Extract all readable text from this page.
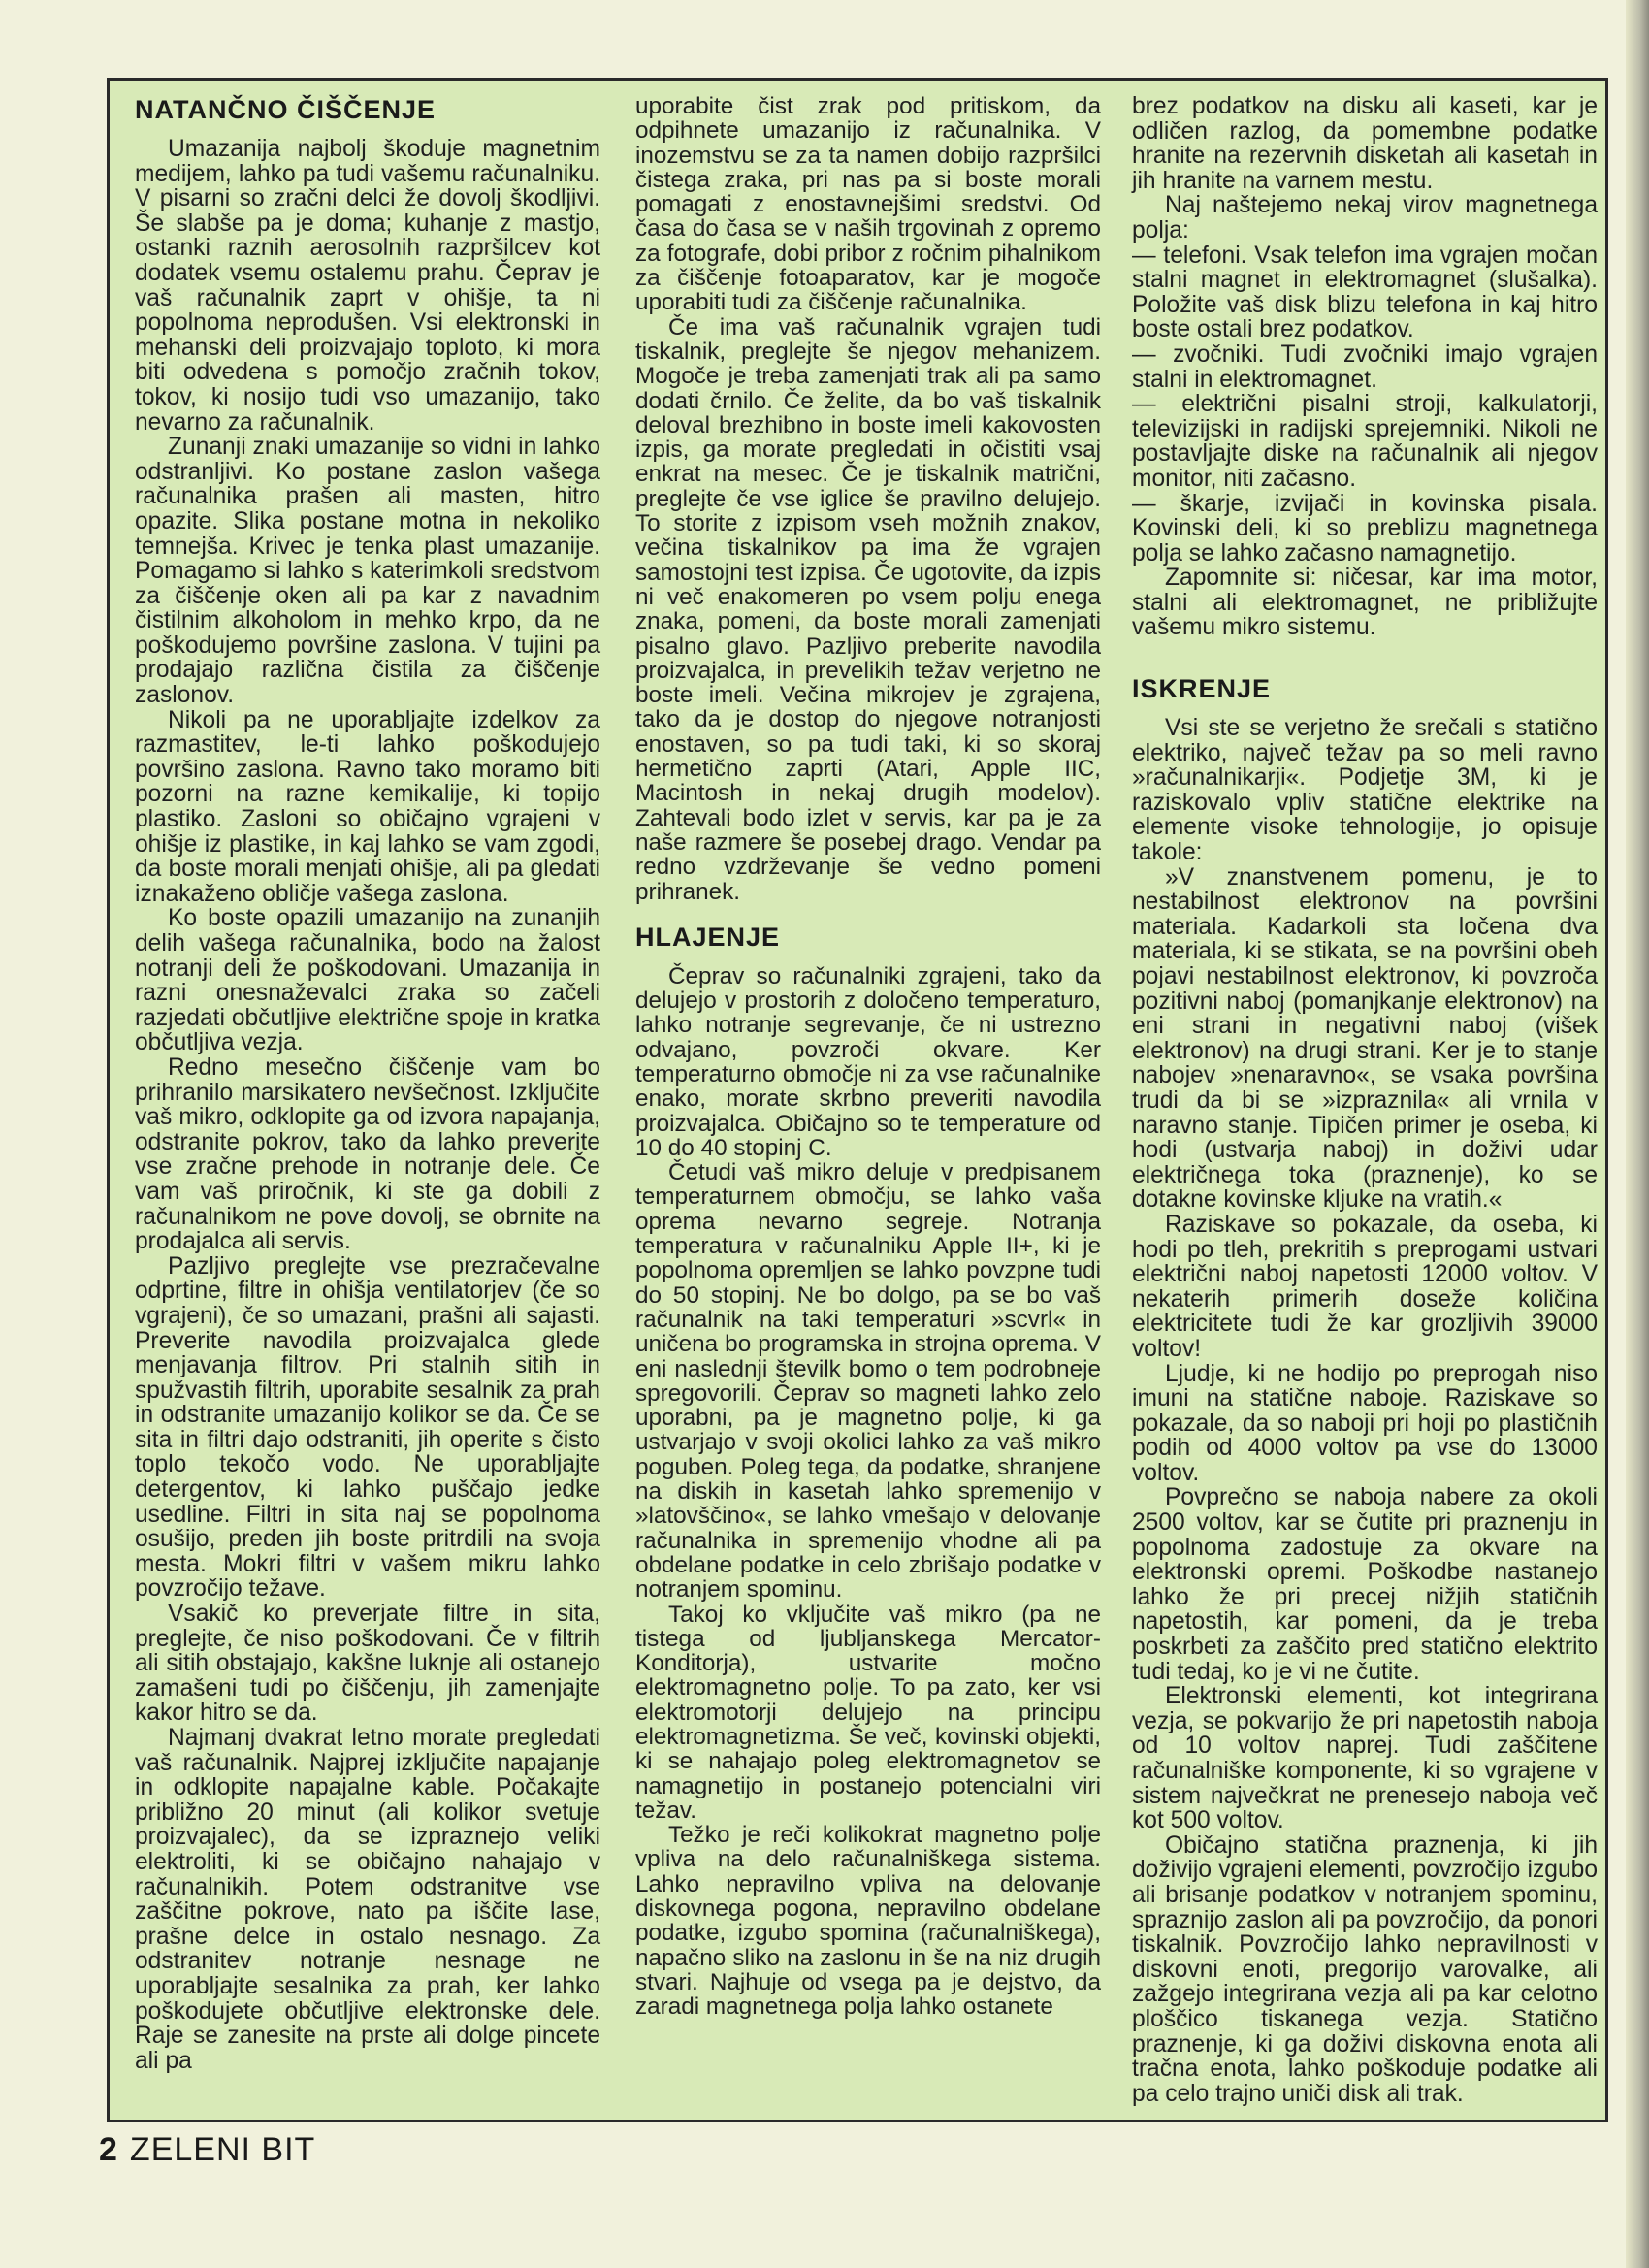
NATANČNO ČIŠČENJE

Umazanija najbolj škoduje magnetnim medijem, lahko pa tudi vašemu računalniku. V pisarni so zračni delci že dovolj škodljivi. Še slabše pa je doma; kuhanje z mastjo, ostanki raznih aerosolnih razpršilcev kot dodatek vsemu ostalemu prahu. Čeprav je vaš računalnik zaprt v ohišje, ta ni popolnoma neprodušen. Vsi elektronski in mehanski deli proizvajajo toploto, ki mora biti odvedena s pomočjo zračnih tokov, tokov, ki nosijo tudi vso umazanijo, tako nevarno za računalnik.

Zunanji znaki umazanije so vidni in lahko odstranljivi. Ko postane zaslon vašega računalnika prašen ali masten, hitro opazite. Slika postane motna in nekoliko temnejša. Krivec je tenka plast umazanije. Pomagamo si lahko s katerimkoli sredstvom za čiščenje oken ali pa kar z navadnim čistilnim alkoholom in mehko krpo, da ne poškodujemo površine zaslona. V tujini pa prodajajo različna čistila za čiščenje zaslonov.

Nikoli pa ne uporabljajte izdelkov za razmastitev, le-ti lahko poškodujejo površino zaslona. Ravno tako moramo biti pozorni na razne kemikalije, ki topijo plastiko. Zasloni so običajno vgrajeni v ohišje iz plastike, in kaj lahko se vam zgodi, da boste morali menjati ohišje, ali pa gledati iznakaženo obličje vašega zaslona.

Ko boste opazili umazanijo na zunanjih delih vašega računalnika, bodo na žalost notranji deli že poškodovani. Umazanija in razni onesnaževalci zraka so začeli razjedati občutljive električne spoje in kratka občutljiva vezja.

Redno mesečno čiščenje vam bo prihranilo marsikatero nevšečnost. Izključite vaš mikro, odklopite ga od izvora napajanja, odstranite pokrov, tako da lahko preverite vse zračne prehode in notranje dele. Če vam vaš priročnik, ki ste ga dobili z računalnikom ne pove dovolj, se obrnite na prodajalca ali servis.

Pazljivo preglejte vse prezračevalne odprtine, filtre in ohišja ventilatorjev (če so vgrajeni), če so umazani, prašni ali sajasti. Preverite navodila proizvajalca glede menjavanja filtrov. Pri stalnih sitih in spužvastih filtrih, uporabite sesalnik za prah in odstranite umazanijo kolikor se da. Če se sita in filtri dajo odstraniti, jih operite s čisto toplo tekočo vodo. Ne uporabljajte detergentov, ki lahko puščajo jedke usedline. Filtri in sita naj se popolnoma osušijo, preden jih boste pritrdili na svoja mesta. Mokri filtri v vašem mikru lahko povzročijo težave.

Vsakič ko preverjate filtre in sita, preglejte, če niso poškodovani. Če v filtrih ali sitih obstajajo, kakšne luknje ali ostanejo zamašeni tudi po čiščenju, jih zamenjajte kakor hitro se da.

Najmanj dvakrat letno morate pregledati vaš računalnik. Najprej izključite napajanje in odklopite napajalne kable. Počakajte približno 20 minut (ali kolikor svetuje proizvajalec), da se izpraznejo veliki elektroliti, ki se običajno nahajajo v računalnikih. Potem odstranitve vse zaščitne pokrove, nato pa iščite lase, prašne delce in ostalo nesnago. Za odstranitev notranje nesnage ne uporabljajte sesalnika za prah, ker lahko poškodujete občutljive elektronske dele. Raje se zanesite na prste ali dolge pincete ali pa

uporabite čist zrak pod pritiskom, da odpihnete umazanijo iz računalnika. V inozemstvu se za ta namen dobijo razpršilci čistega zraka, pri nas pa si boste morali pomagati z enostavnejšimi sredstvi. Od časa do časa se v naših trgovinah z opremo za fotografe, dobi pribor z ročnim pihalnikom za čiščenje fotoaparatov, kar je mogoče uporabiti tudi za čiščenje računalnika.

Če ima vaš računalnik vgrajen tudi tiskalnik, preglejte še njegov mehanizem. Mogoče je treba zamenjati trak ali pa samo dodati črnilo. Če želite, da bo vaš tiskalnik deloval brezhibno in boste imeli kakovosten izpis, ga morate pregledati in očistiti vsaj enkrat na mesec. Če je tiskalnik matrični, preglejte če vse iglice še pravilno delujejo. To storite z izpisom vseh možnih znakov, večina tiskalnikov pa ima že vgrajen samostojni test izpisa. Če ugotovite, da izpis ni več enakomeren po vsem polju enega znaka, pomeni, da boste morali zamenjati pisalno glavo. Pazljivo preberite navodila proizvajalca, in prevelikih težav verjetno ne boste imeli. Večina mikrojev je zgrajena, tako da je dostop do njegove notranjosti enostaven, so pa tudi taki, ki so skoraj hermetično zaprti (Atari, Apple IIC, Macintosh in nekaj drugih modelov). Zahtevali bodo izlet v servis, kar pa je za naše razmere še posebej drago. Vendar pa redno vzdrževanje še vedno pomeni prihranek.

HLAJENJE

Čeprav so računalniki zgrajeni, tako da delujejo v prostorih z določeno temperaturo, lahko notranje segrevanje, če ni ustrezno odvajano, povzroči okvare. Ker temperaturno območje ni za vse računalnike enako, morate skrbno preveriti navodila proizvajalca. Običajno so te temperature od 10 do 40 stopinj C.

Četudi vaš mikro deluje v predpisanem temperaturnem območju, se lahko vaša oprema nevarno segreje. Notranja temperatura v računalniku Apple II+, ki je popolnoma opremljen se lahko povzpne tudi do 50 stopinj. Ne bo dolgo, pa se bo vaš računalnik na taki temperaturi »scvrl« in uničena bo programska in strojna oprema. V eni naslednji številk bomo o tem podrobneje spregovorili. Čeprav so magneti lahko zelo uporabni, pa je magnetno polje, ki ga ustvarjajo v svoji okolici lahko za vaš mikro poguben. Poleg tega, da podatke, shranjene na diskih in kasetah lahko spremenijo v »latovščino«, se lahko vmešajo v delovanje računalnika in spremenijo vhodne ali pa obdelane podatke in celo zbrišajo podatke v notranjem spominu.

Takoj ko vključite vaš mikro (pa ne tistega od ljubljanskega Mercator-Konditorja), ustvarite močno elektromagnetno polje. To pa zato, ker vsi elektromotorji delujejo na principu elektromagnetizma. Še več, kovinski objekti, ki se nahajajo poleg elektromagnetov se namagnetijo in postanejo potencialni viri težav.

Težko je reči kolikokrat magnetno polje vpliva na delo računalniškega sistema. Lahko nepravilno vpliva na delovanje diskovnega pogona, nepravilno obdelane podatke, izgubo spomina (računalniškega), napačno sliko na zaslonu in še na niz drugih stvari. Najhuje od vsega pa je dejstvo, da zaradi magnetnega polja lahko ostanete

brez podatkov na disku ali kaseti, kar je odličen razlog, da pomembne podatke hranite na rezervnih disketah ali kasetah in jih hranite na varnem mestu.

Naj naštejemo nekaj virov magnetnega polja:

— telefoni. Vsak telefon ima vgrajen močan stalni magnet in elektromagnet (slušalka). Položite vaš disk blizu telefona in kaj hitro boste ostali brez podatkov.

— zvočniki. Tudi zvočniki imajo vgrajen stalni in elektromagnet.

— električni pisalni stroji, kalkulatorji, televizijski in radijski sprejemniki. Nikoli ne postavljajte diske na računalnik ali njegov monitor, niti začasno.

— škarje, izvijači in kovinska pisala. Kovinski deli, ki so preblizu magnetnega polja se lahko začasno namagnetijo.

Zapomnite si: ničesar, kar ima motor, stalni ali elektromagnet, ne približujte vašemu mikro sistemu.

ISKRENJE

Vsi ste se verjetno že srečali s statično elektriko, največ težav pa so meli ravno »računalnikarji«. Podjetje 3M, ki je raziskovalo vpliv statične elektrike na elemente visoke tehnologije, jo opisuje takole:

»V znanstvenem pomenu, je to nestabilnost elektronov na površini materiala. Kadarkoli sta ločena dva materiala, ki se stikata, se na površini obeh pojavi nestabilnost elektronov, ki povzroča pozitivni naboj (pomanjkanje elektronov) na eni strani in negativni naboj (višek elektronov) na drugi strani. Ker je to stanje nabojev »nenaravno«, se vsaka površina trudi da bi se »izpraznila« ali vrnila v naravno stanje. Tipičen primer je oseba, ki hodi (ustvarja naboj) in doživi udar električnega toka (praznenje), ko se dotakne kovinske kljuke na vratih.«

Raziskave so pokazale, da oseba, ki hodi po tleh, prekritih s preprogami ustvari električni naboj napetosti 12000 voltov. V nekaterih primerih doseže količina elektricitete tudi že kar grozljivih 39000 voltov!

Ljudje, ki ne hodijo po preprogah niso imuni na statične naboje. Raziskave so pokazale, da so naboji pri hoji po plastičnih podih od 4000 voltov pa vse do 13000 voltov.

Povprečno se naboja nabere za okoli 2500 voltov, kar se čutite pri praznenju in popolnoma zadostuje za okvare na elektronski opremi. Poškodbe nastanejo lahko že pri precej nižjih statičnih napetostih, kar pomeni, da je treba poskrbeti za zaščito pred statično elektrito tudi tedaj, ko je vi ne čutite.

Elektronski elementi, kot integrirana vezja, se pokvarijo že pri napetostih naboja od 10 voltov naprej. Tudi zaščitene računalniške komponente, ki so vgrajene v sistem največkrat ne prenesejo naboja več kot 500 voltov.

Običajno statična praznenja, ki jih doživijo vgrajeni elementi, povzročijo izgubo ali brisanje podatkov v notranjem spominu, spraznijo zaslon ali pa povzročijo, da ponori tiskalnik. Povzročijo lahko nepravilnosti v diskovni enoti, pregorijo varovalke, ali zažgejo integrirana vezja ali pa kar celotno ploščico tiskanega vezja. Statično praznenje, ki ga doživi diskovna enota ali tračna enota, lahko poškoduje podatke ali pa celo trajno uniči disk ali trak.

2 ZELENI BIT
